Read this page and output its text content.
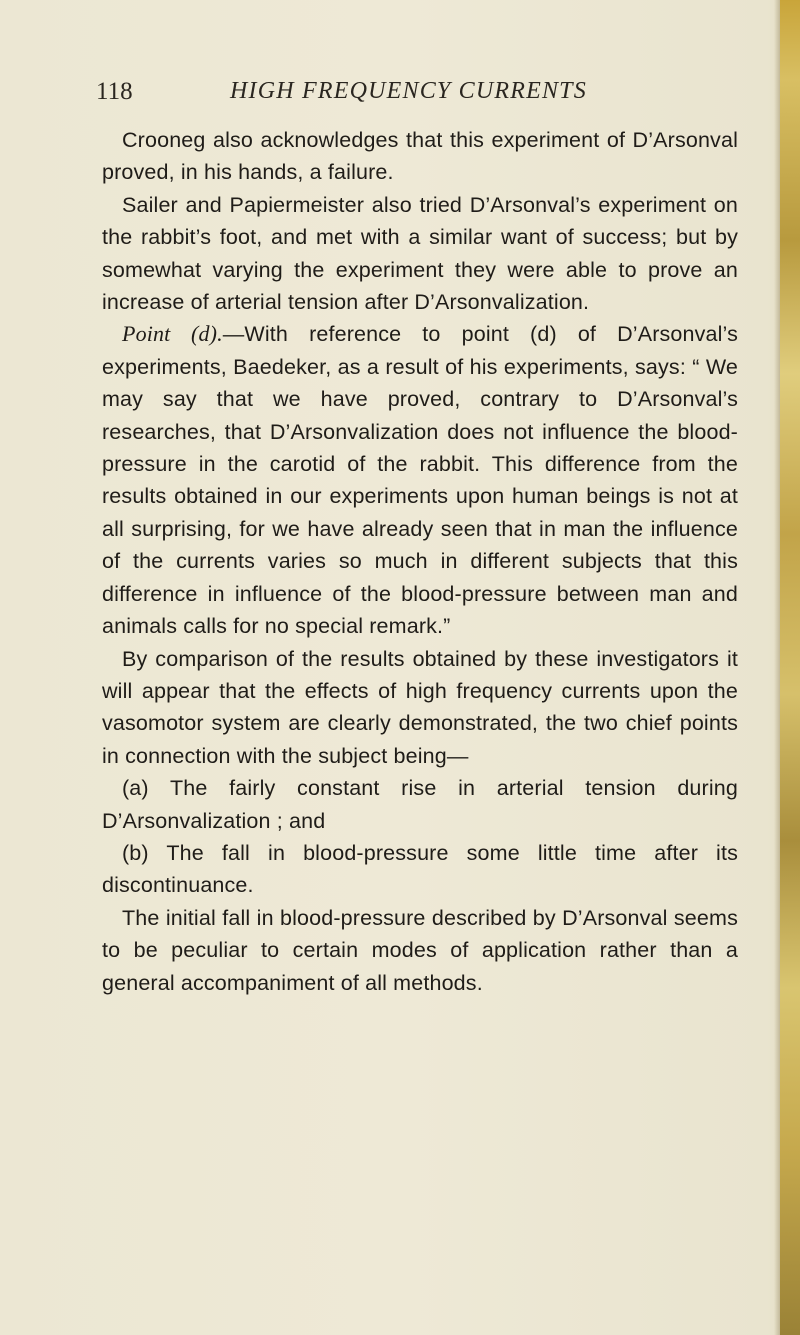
118	HIGH FREQUENCY CURRENTS

Crooneg also acknowledges that this experiment of D’Arsonval proved, in his hands, a failure.

Sailer and Papiermeister also tried D’Arsonval’s experiment on the rabbit’s foot, and met with a similar want of success; but by somewhat varying the experiment they were able to prove an increase of arterial tension after D’Arsonvalization.

Point (d).—With reference to point (d) of D’Arsonval’s experiments, Baedeker, as a result of his experiments, says: “ We may say that we have proved, contrary to D’Arsonval’s researches, that D’Arsonvalization does not influence the blood-pressure in the carotid of the rabbit. This difference from the results obtained in our experiments upon human beings is not at all surprising, for we have already seen that in man the influence of the currents varies so much in different subjects that this difference in influence of the blood-pressure between man and animals calls for no special remark.”

By comparison of the results obtained by these investigators it will appear that the effects of high frequency currents upon the vasomotor system are clearly demonstrated, the two chief points in connection with the subject being—

(a) The fairly constant rise in arterial tension during D’Arsonvalization ; and

(b) The fall in blood-pressure some little time after its discontinuance.

The initial fall in blood-pressure described by D’Arsonval seems to be peculiar to certain modes of application rather than a general accompaniment of all methods.
